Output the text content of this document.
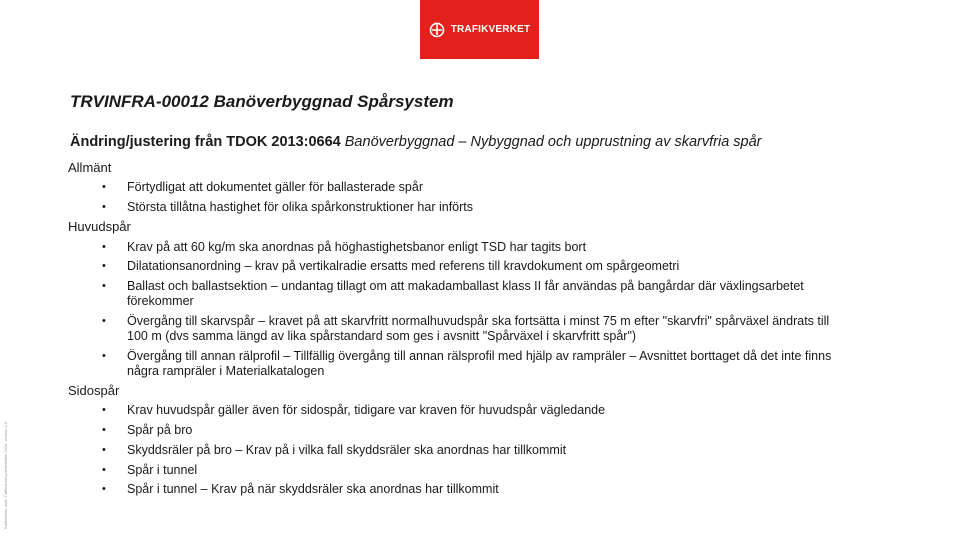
TRAFIKVERKET
Trafikverket, mall: Trafikverket presentation 2015, version 2.0
TRVINFRA-00012 Banöverbyggnad Spårsystem

Ändring/justering från TDOK 2013:0664 Banöverbyggnad – Nybyggnad och upprustning av skarvfria spår

Allmänt

• Förtydligat att dokumentet gäller för ballasterade spår
• Största tillåtna hastighet för olika spårkonstruktioner har införts

Huvudspår

• Krav på att 60 kg/m ska anordnas på höghastighetsbanor enligt TSD har tagits bort
• Dilatationsanordning – krav på vertikalradie ersatts med referens till kravdokument om spårgeometri
• Ballast och ballastsektion – undantag tillagt om att makadamballast klass II får användas på bangårdar där växlingsarbetet förekommer
• Övergång till skarvspår – kravet på att skarvfritt normalhuvudspår ska fortsätta i minst 75 m efter "skarvfri" spårväxel ändrats till 100 m (dvs samma längd av lika spårstandard som ges i avsnitt "Spårväxel i skarvfritt spår")
• Övergång till annan rälprofil – Tillfällig övergång till annan rälsprofil med hjälp av rampräler – Avsnittet borttaget då det inte finns några rampräler i Materialkatalogen

Sidospår

• Krav huvudspår gäller även för sidospår, tidigare var kraven för huvudspår vägledande
• Spår på bro
• Skyddsräler på bro – Krav på i vilka fall skyddsräler ska anordnas har tillkommit
• Spår i tunnel
• Spår i tunnel – Krav på när skyddsräler ska anordnas har tillkommit
